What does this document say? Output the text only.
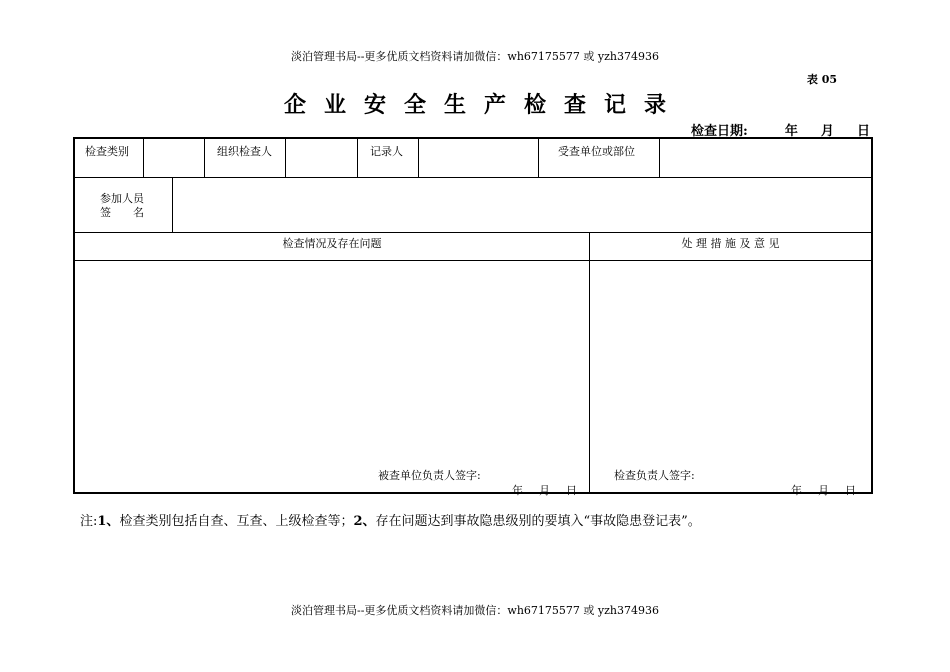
淡泊管理书局--更多优质文档资料请加微信：wh67175577 或 yzh374936
表 05
企业安全生产检查记录
检查日期:	年 月 日
检查类别	组织检查人	记录人	受查单位或部位
参加人员
签　　名
检查情况及存在问题	处 理 措 施 及 意 见
被查单位负责人签字:
年 月 日
检查负责人签字:
年 月 日
注:1、检查类别包括自查、互查、上级检查等；2、存在问题达到事故隐患级别的要填入“事故隐患登记表”。
淡泊管理书局--更多优质文档资料请加微信：wh67175577 或 yzh374936
